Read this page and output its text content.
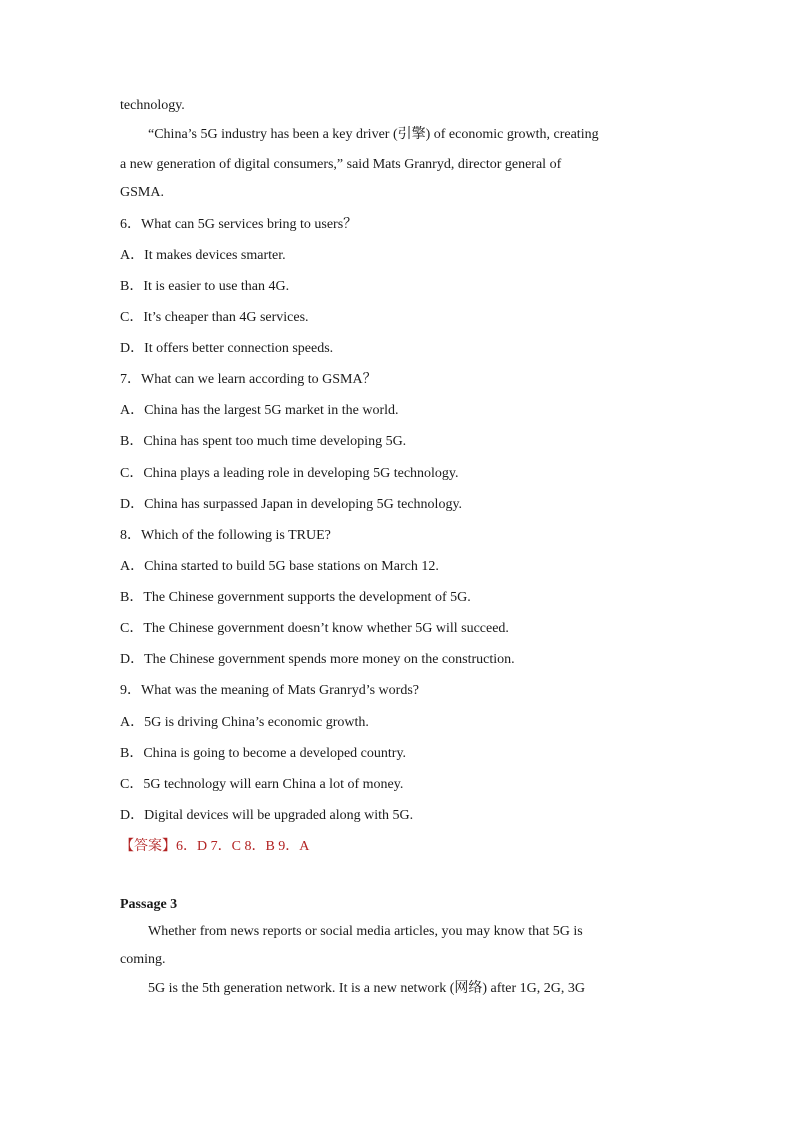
technology.
“China’s 5G industry has been a key driver (引擎) of economic growth, creating
a new generation of digital consumers,” said Mats Granryd, director general of
GSMA.
6．What can 5G services bring to users？
A．It makes devices smarter.
B．It is easier to use than 4G.
C．It’s cheaper than 4G services.
D．It offers better connection speeds.
7．What can we learn according to GSMA？
A．China has the largest 5G market in the world.
B．China has spent too much time developing 5G.
C．China plays a leading role in developing 5G technology.
D．China has surpassed Japan in developing 5G technology.
8．Which of the following is TRUE?
A．China started to build 5G base stations on March 12.
B．The Chinese government supports the development of 5G.
C．The Chinese government doesn’t know whether 5G will succeed.
D．The Chinese government spends more money on the construction.
9．What was the meaning of Mats Granryd’s words?
A．5G is driving China’s economic growth.
B．China is going to become a developed country.
C．5G technology will earn China a lot of money.
D．Digital devices will be upgraded along with 5G.
【答案】6．D 7．C 8．B 9．A
Passage 3
Whether from news reports or social media articles, you may know that 5G is
coming.
5G is the 5th generation network. It is a new network (网络) after 1G, 2G, 3G
